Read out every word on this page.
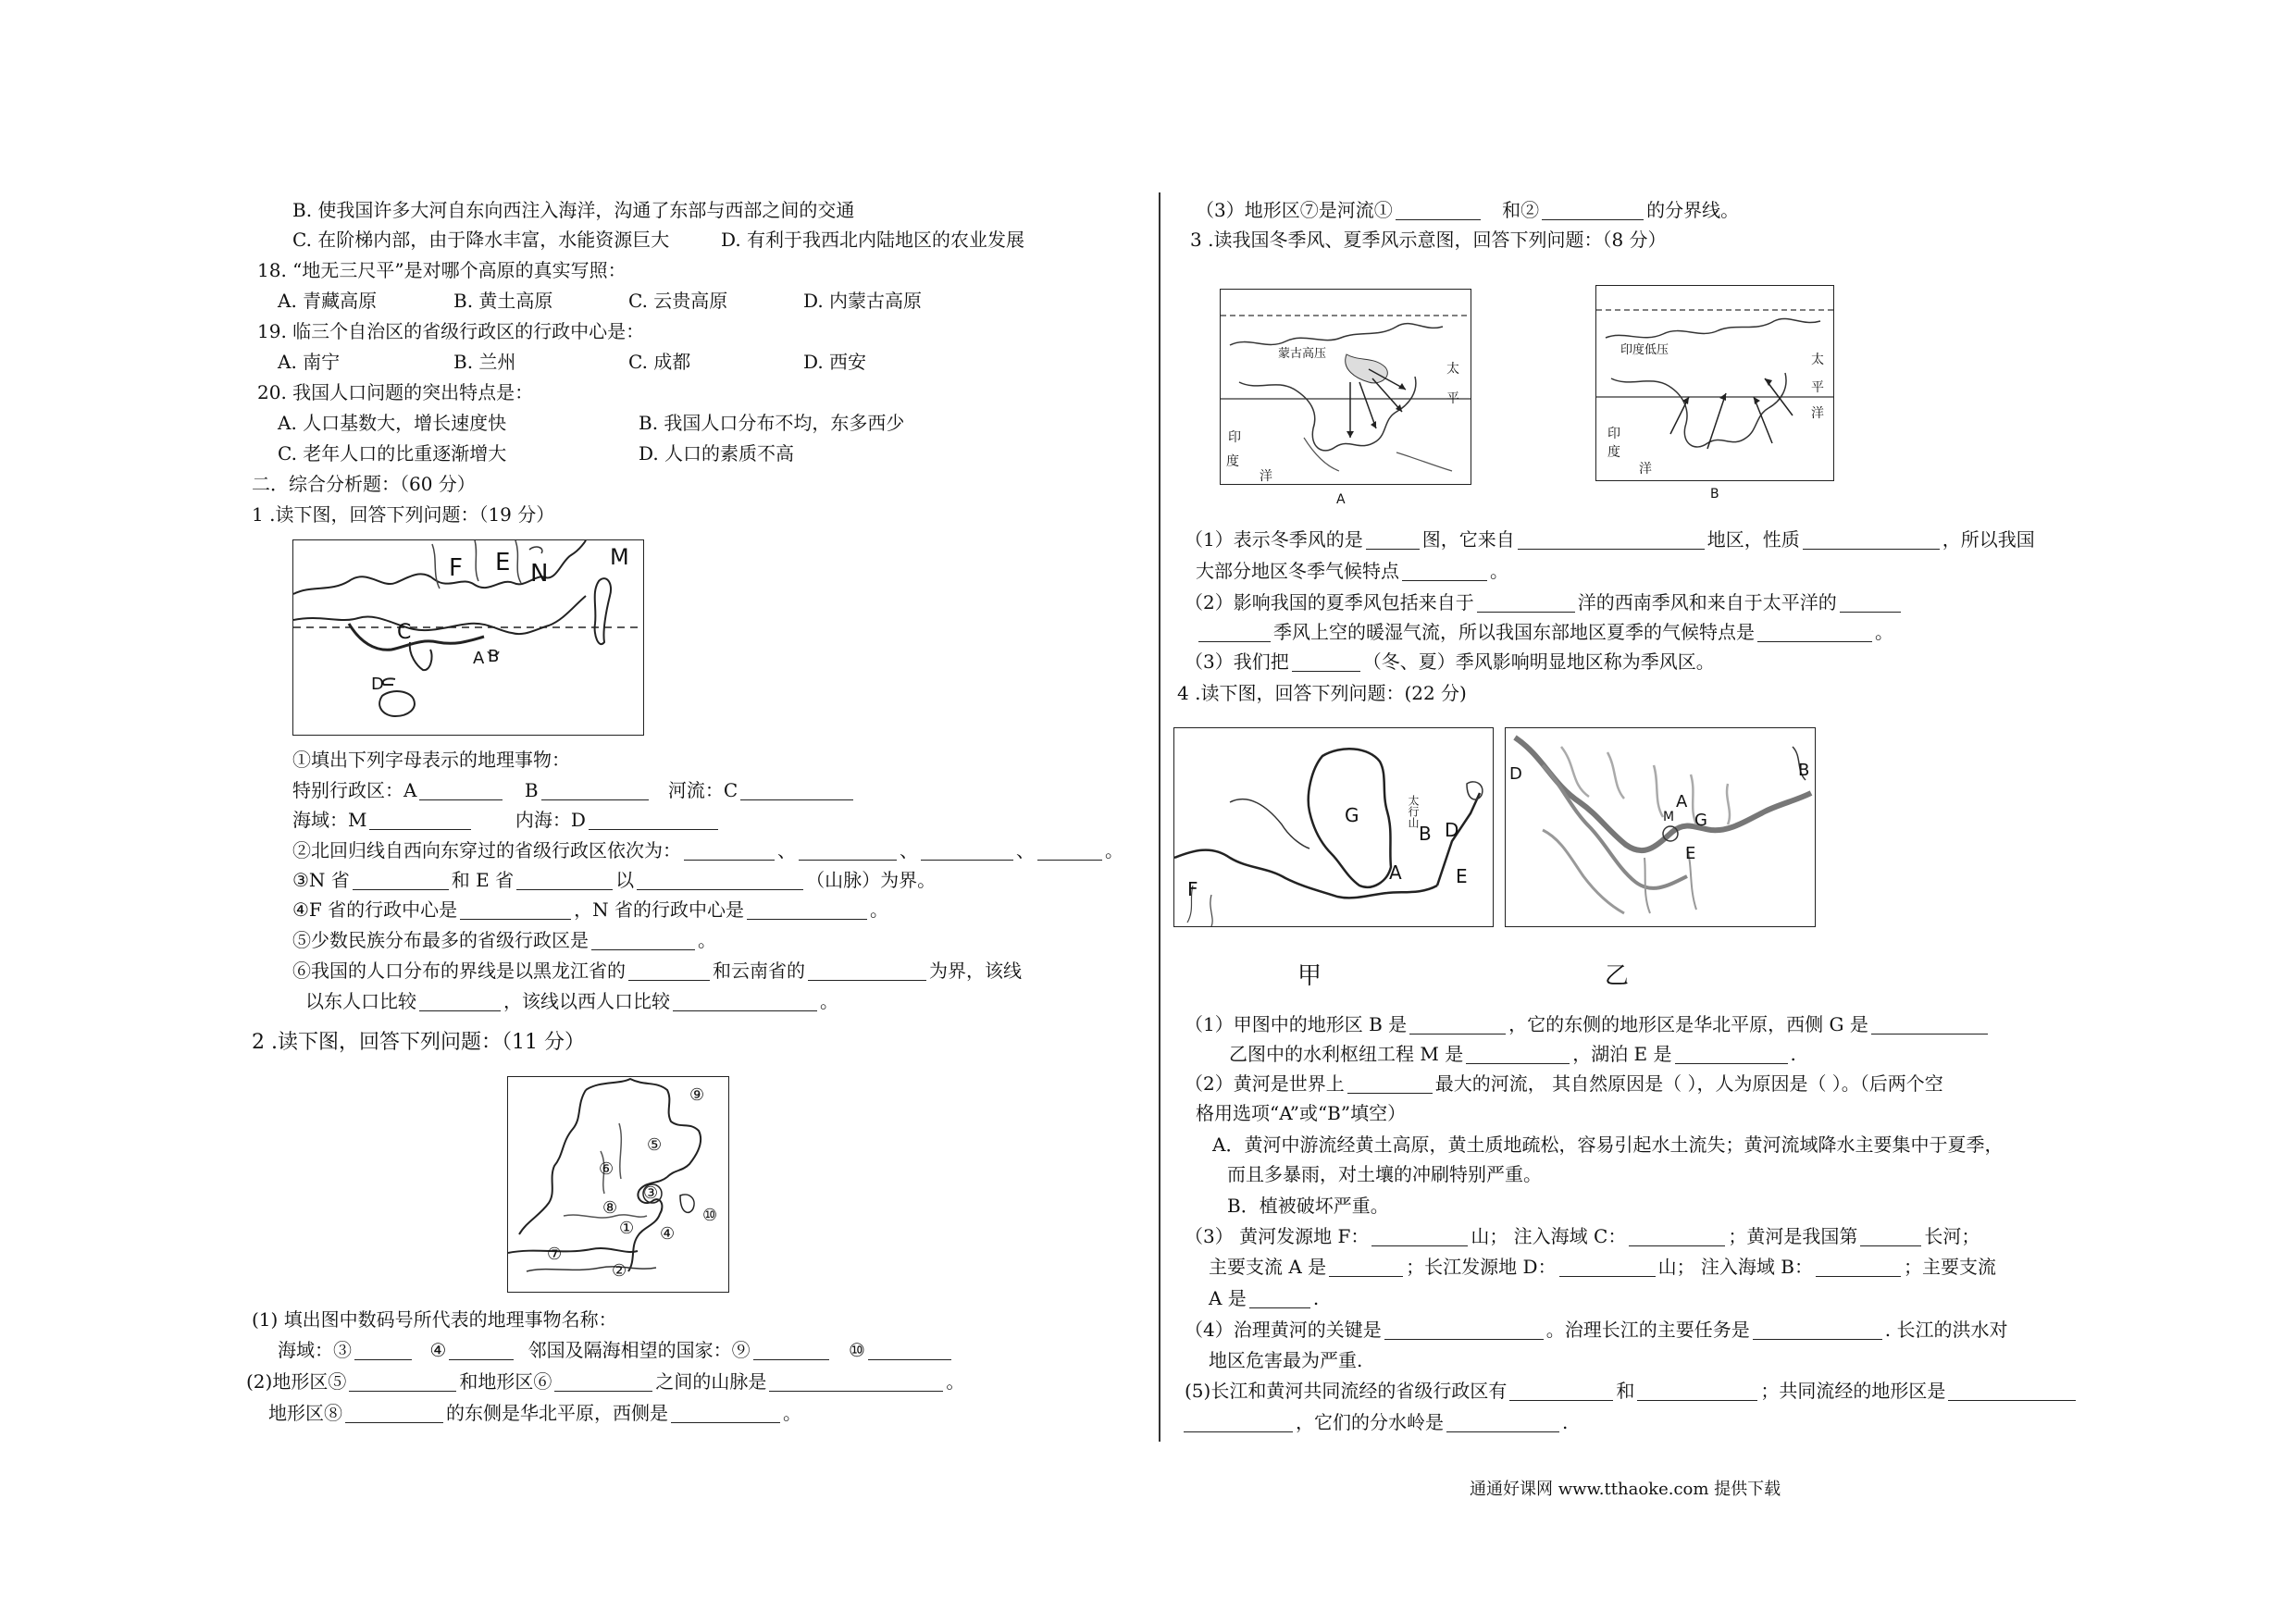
B. 使我国许多大河自东向西注入海洋，沟通了东部与西部之间的交通
C. 在阶梯内部，由于降水丰富，水能资源巨大	D. 有利于我西北内陆地区的农业发展
18. “地无三尺平”是对哪个高原的真实写照：
A. 青藏高原	B. 黄土高原	C. 云贵高原	D. 内蒙古高原
19. 临三个自治区的省级行政区的行政中心是：
A. 南宁	B. 兰州	C. 成都	D. 西安
20. 我国人口问题的突出特点是：
A. 人口基数大，增长速度快	B. 我国人口分布不均，东多西少
C. 老年人口的比重逐渐增大	D. 人口的素质不高
二．综合分析题：（60 分）
1 .读下图，回答下列问题：（19 分）
F E N
M
C
A B
D
①填出下列字母表示的地理事物：
特别行政区：A	B	河流：C
海域：M	内海：D
②北回归线自西向东穿过的省级行政区依次为：	、	、	、	。
③N 省	和 E 省	以	（山脉）为界。
④F 省的行政中心是	，N 省的行政中心是	。
⑤少数民族分布最多的省级行政区是	。
⑥我国的人口分布的界线是以黑龙江省的	和云南省的	为界，该线
以东人口比较	，该线以西人口比较	。
2 .读下图，回答下列问题：（11 分）
⑨
⑤
⑥
⑧
③
① ④
⑩
⑦
②
(1) 填出图中数码号所代表的地理事物名称：
海域：③	④	邻国及隔海相望的国家：⑨	⑩
(2)地形区⑤	和地形区⑥	之间的山脉是	。
地形区⑧	的东侧是华北平原，西侧是	。
（3）地形区⑦是河流①	和②	的分界线。
3 .读我国冬季风、夏季风示意图，回答下列问题：（8 分）
蒙古高压
太
平
印
度
洋
A
印度低压
太
平
洋
印
度
洋
B
（1）表示冬季风的是	图，它来自	地区，性质	，所以我国
大部分地区冬季气候特点	。
（2）影响我国的夏季风包括来自于	洋的西南季风和来自于太平洋的
季风上空的暖湿气流，所以我国东部地区夏季的气候特点是	。
（3）我们把	（冬、夏）季风影响明显地区称为季风区。
4 .读下图，回答下列问题：(22 分)
G
B D
A	E
F
太行山
D
M
A
G
E
B
甲	乙
（1）甲图中的地形区 B 是	，它的东侧的地形区是华北平原，西侧 G 是
乙图中的水利枢纽工程 M 是	，湖泊 E 是	.
（2）黄河是世界上	最大的河流， 其自然原因是（ ），人为原因是（ ）。（后两个空
格用选项“A”或“B”填空）
A．黄河中游流经黄土高原，黄土质地疏松，容易引起水土流失；黄河流域降水主要集中于夏季，
而且多暴雨，对土壤的冲刷特别严重。
B．植被破坏严重。
（3） 黄河发源地 F：	山； 注入海域 C：	；黄河是我国第	长河；
主要支流 A 是	；长江发源地 D：	山； 注入海域 B：	；主要支流
A 是	.
（4）治理黄河的关键是	。治理长江的主要任务是	. 长江的洪水对
地区危害最为严重.
(5)长江和黄河共同流经的省级行政区有	和	；共同流经的地形区是
，它们的分水岭是	.
通通好课网 www.tthaoke.com 提供下载
